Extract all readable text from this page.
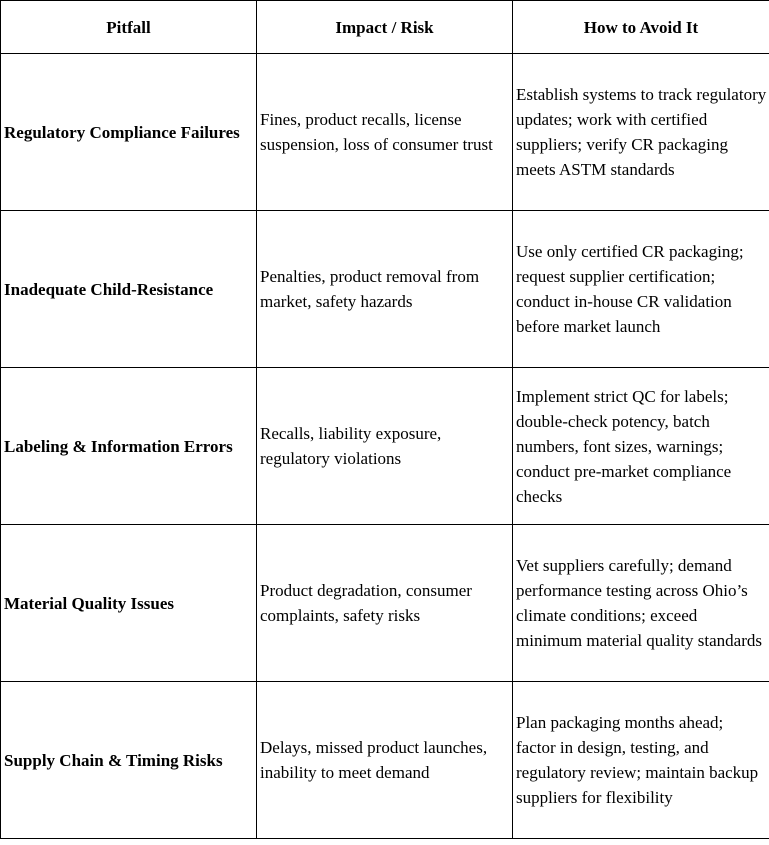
Pitfall	Impact / Risk	How to Avoid It
Regulatory Compliance Failures	Fines, product recalls, license suspension, loss of consumer trust	Establish systems to track regulatory updates; work with certified suppliers; verify CR packaging meets ASTM standards
Inadequate Child-Resistance	Penalties, product removal from market, safety hazards	Use only certified CR packaging; request supplier certification; conduct in-house CR validation before market launch
Labeling & Information Errors	Recalls, liability exposure, regulatory violations	Implement strict QC for labels; double-check potency, batch numbers, font sizes, warnings; conduct pre-market compliance checks
Material Quality Issues	Product degradation, consumer complaints, safety risks	Vet suppliers carefully; demand performance testing across Ohio’s climate conditions; exceed minimum material quality standards
Supply Chain & Timing Risks	Delays, missed product launches, inability to meet demand	Plan packaging months ahead; factor in design, testing, and regulatory review; maintain backup suppliers for flexibility
